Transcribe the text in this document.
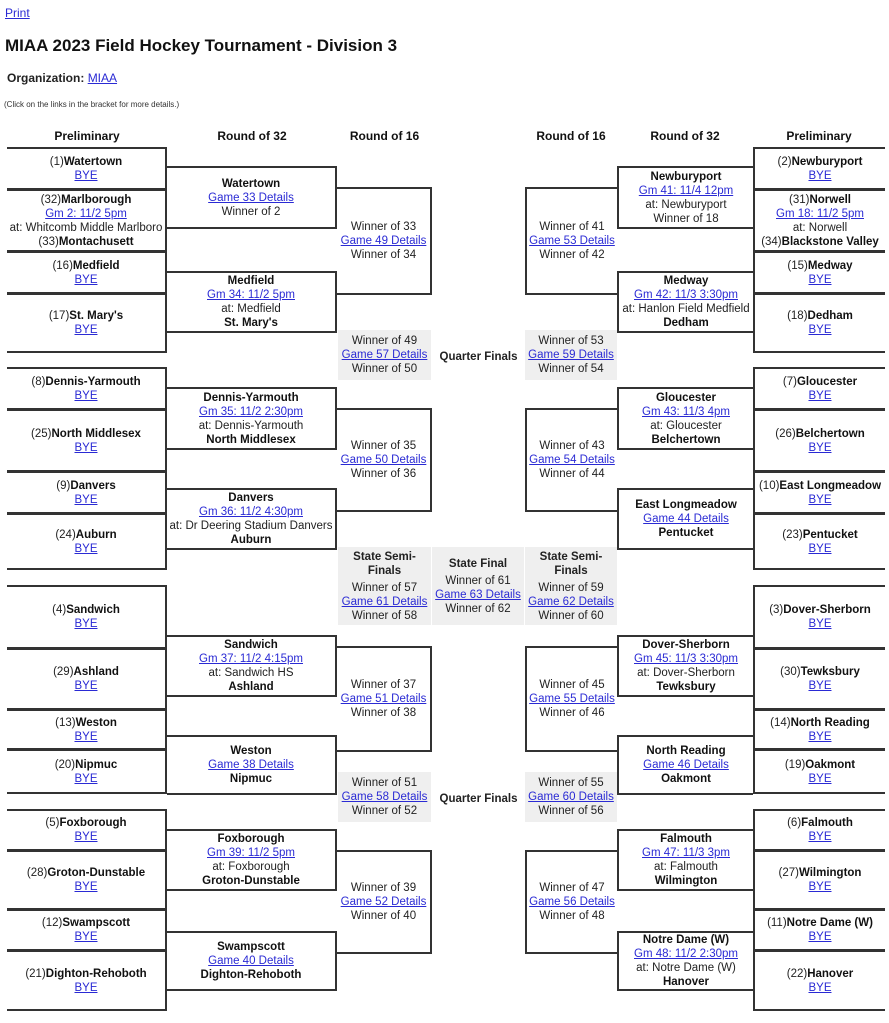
Print
MIAA 2023 Field Hockey Tournament - Division 3
Organization: MIAA
(Click on the links in the bracket for more details.)
Preliminary	Round of 32	Round of 16	Round of 16	Round of 32	Preliminary
(1)Watertown
BYE
(32)Marlborough
Gm 2: 11/2 5pm
at: Whitcomb Middle Marlboro
(33)Montachusett
(16)Medfield
BYE
(17)St. Mary's
BYE
Watertown
Game 33 Details
Winner of 2
Medfield
Gm 34: 11/2 5pm
at: Medfield
St. Mary's
Winner of 33
Game 49 Details
Winner of 34
(8)Dennis-Yarmouth
BYE
(25)North Middlesex
BYE
(9)Danvers
BYE
(24)Auburn
BYE
Dennis-Yarmouth
Gm 35: 11/2 2:30pm
at: Dennis-Yarmouth
North Middlesex
Danvers
Gm 36: 11/2 4:30pm
at: Dr Deering Stadium Danvers
Auburn
Winner of 35
Game 50 Details
Winner of 36
(4)Sandwich
BYE
(29)Ashland
BYE
(13)Weston
BYE
(20)Nipmuc
BYE
Sandwich
Gm 37: 11/2 4:15pm
at: Sandwich HS
Ashland
Weston
Game 38 Details
Nipmuc
Winner of 37
Game 51 Details
Winner of 38
(5)Foxborough
BYE
(28)Groton-Dunstable
BYE
(12)Swampscott
BYE
(21)Dighton-Rehoboth
BYE
Foxborough
Gm 39: 11/2 5pm
at: Foxborough
Groton-Dunstable
Swampscott
Game 40 Details
Dighton-Rehoboth
Winner of 39
Game 52 Details
Winner of 40
Winner of 49
Game 57 Details
Winner of 50
Winner of 51
Game 58 Details
Winner of 52
State Semi-Finals
Winner of 57
Game 61 Details
Winner of 58
(2)Newburyport
BYE
(31)Norwell
Gm 18: 11/2 5pm
at: Norwell
(34)Blackstone Valley
(15)Medway
BYE
(18)Dedham
BYE
Newburyport
Gm 41: 11/4 12pm
at: Newburyport
Winner of 18
Medway
Gm 42: 11/3 3:30pm
at: Hanlon Field Medfield
Dedham
Winner of 41
Game 53 Details
Winner of 42
(7)Gloucester
BYE
(26)Belchertown
BYE
(10)East Longmeadow
BYE
(23)Pentucket
BYE
Gloucester
Gm 43: 11/3 4pm
at: Gloucester
Belchertown
East Longmeadow
Game 44 Details
Pentucket
Winner of 43
Game 54 Details
Winner of 44
(3)Dover-Sherborn
BYE
(30)Tewksbury
BYE
(14)North Reading
BYE
(19)Oakmont
BYE
Dover-Sherborn
Gm 45: 11/3 3:30pm
at: Dover-Sherborn
Tewksbury
North Reading
Game 46 Details
Oakmont
Winner of 45
Game 55 Details
Winner of 46
(6)Falmouth
BYE
(27)Wilmington
BYE
(11)Notre Dame (W)
BYE
(22)Hanover
BYE
Falmouth
Gm 47: 11/3 3pm
at: Falmouth
Wilmington
Notre Dame (W)
Gm 48: 11/2 2:30pm
at: Notre Dame (W)
Hanover
Winner of 47
Game 56 Details
Winner of 48
Winner of 53
Game 59 Details
Winner of 54
Winner of 55
Game 60 Details
Winner of 56
State Semi-Finals
Winner of 59
Game 62 Details
Winner of 60
State Final
Winner of 61
Game 63 Details
Winner of 62
Quarter Finals
Quarter Finals
